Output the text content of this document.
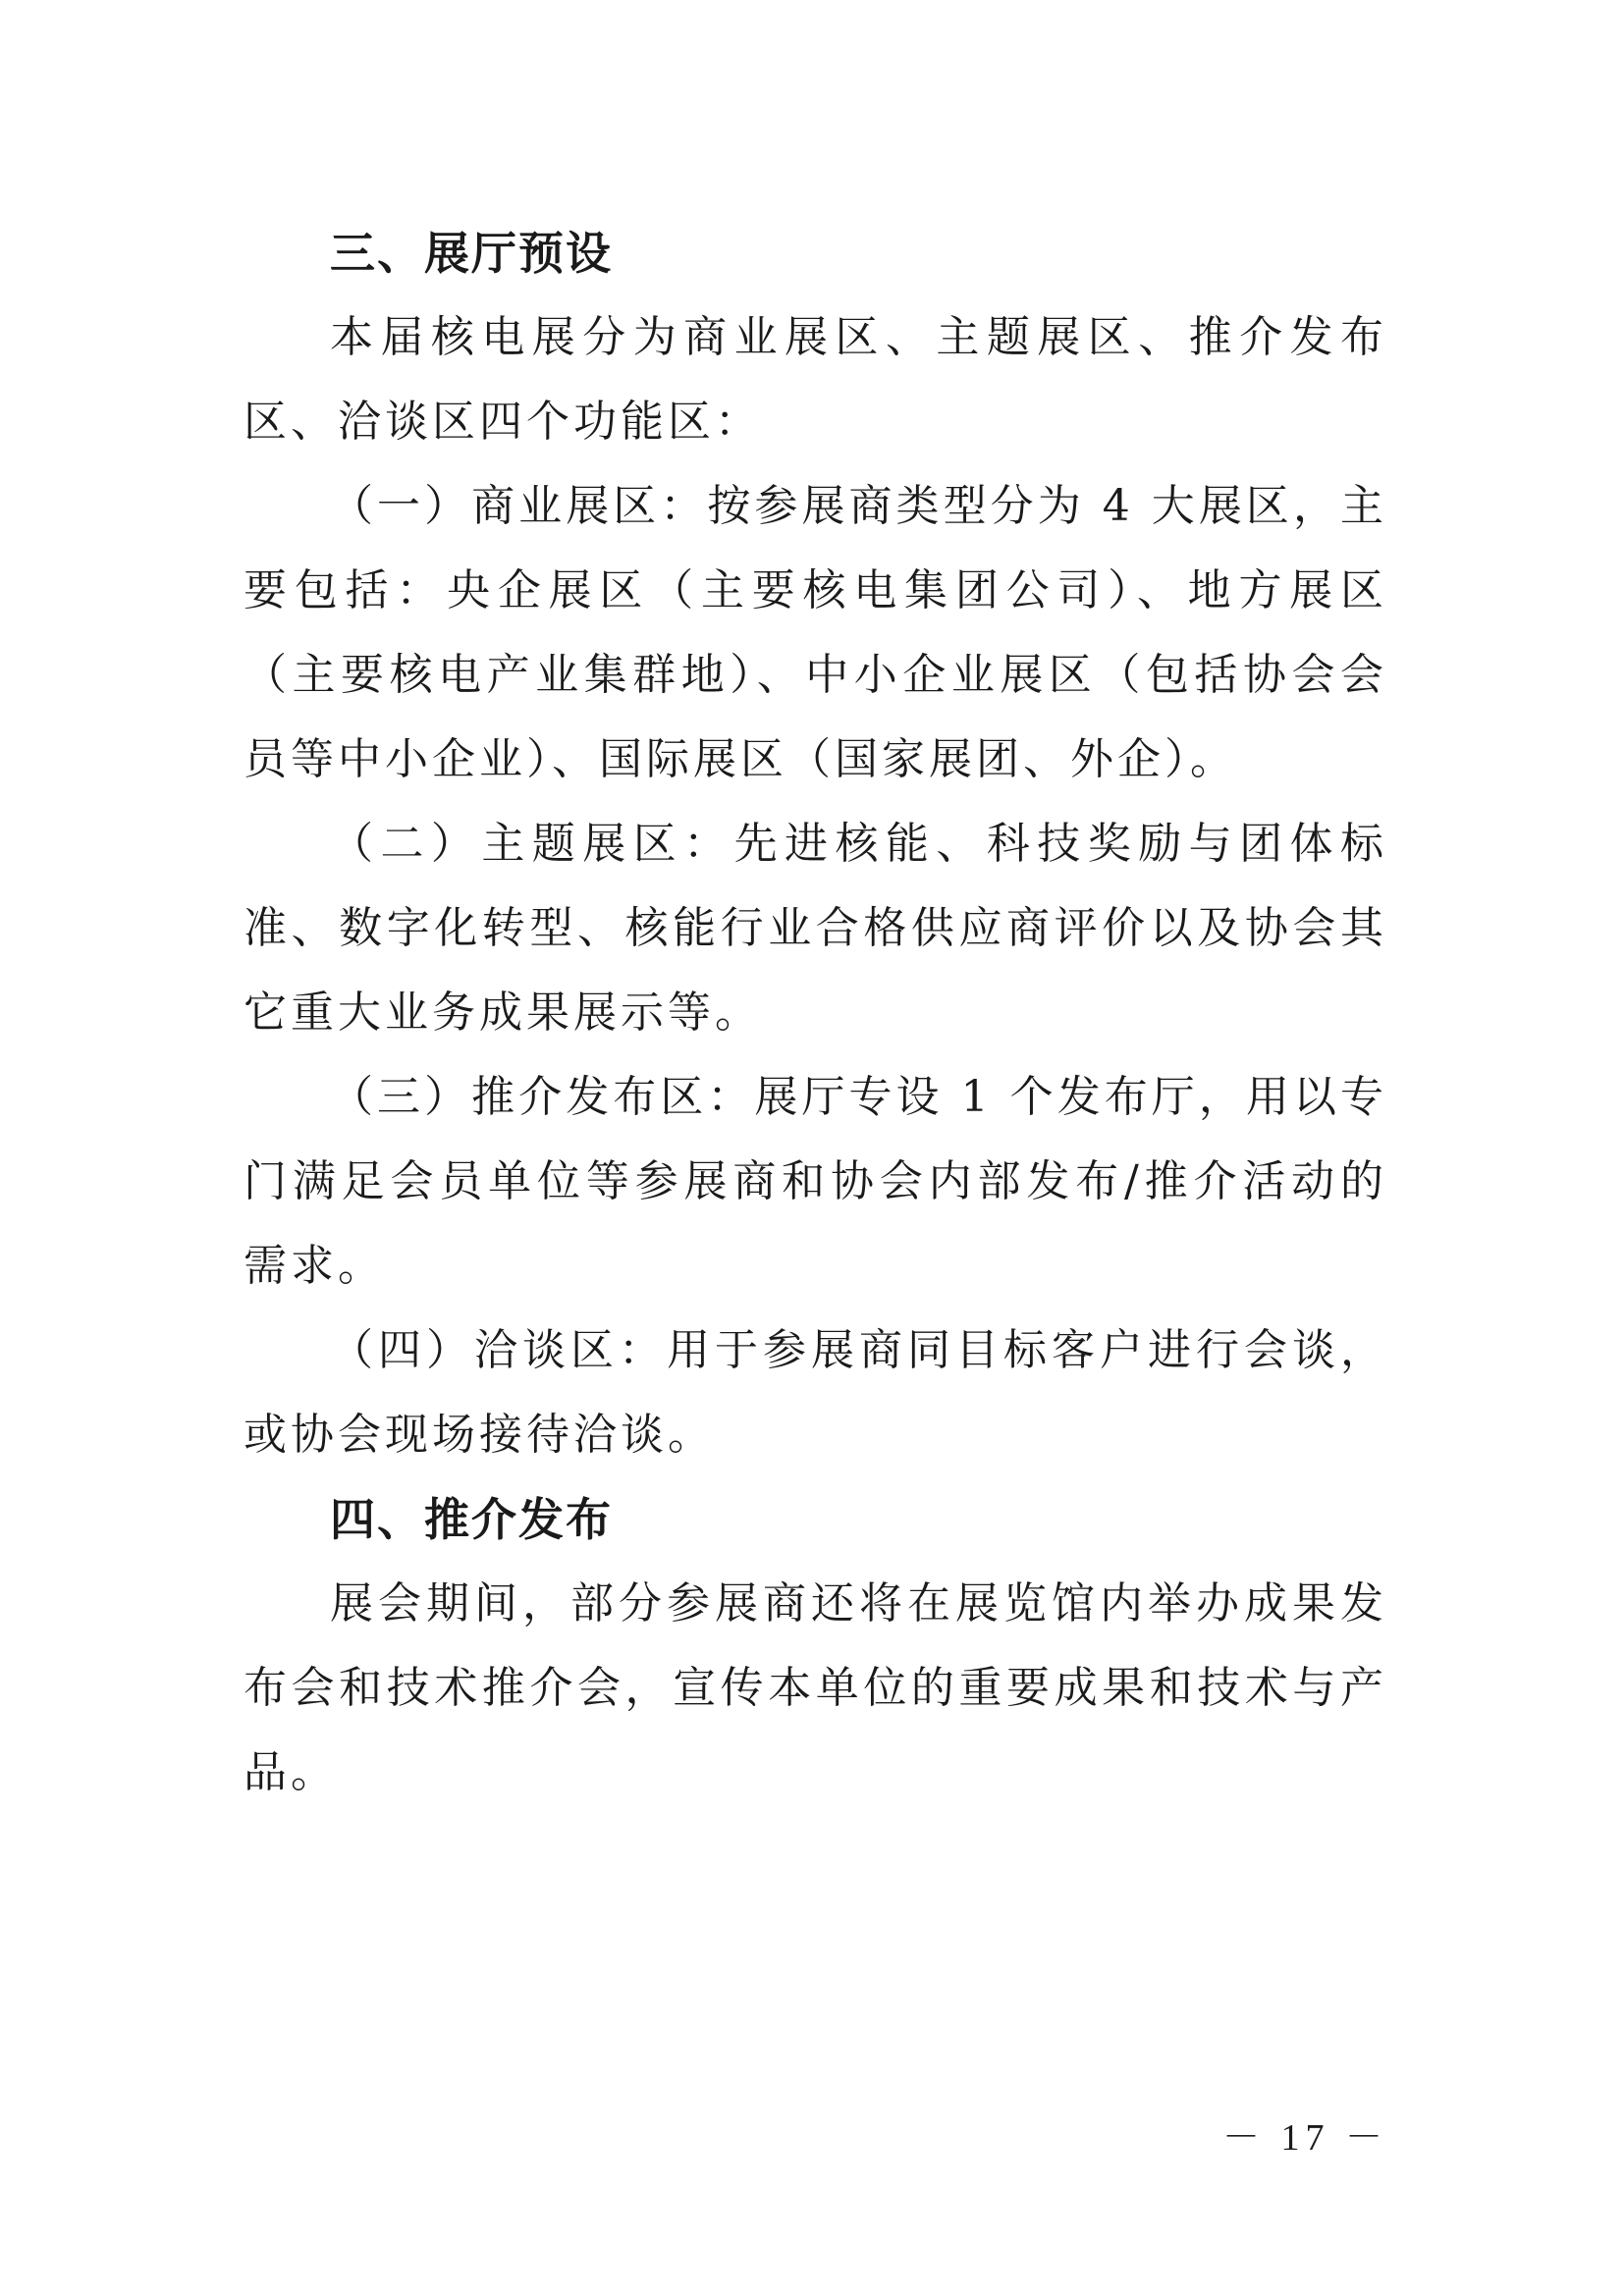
三、展厅预设

本届核电展分为商业展区、主题展区、推介发布区、洽谈区四个功能区：

（一）商业展区：按参展商类型分为 4 大展区，主要包括：央企展区（主要核电集团公司）、地方展区（主要核电产业集群地）、中小企业展区（包括协会会员等中小企业）、国际展区（国家展团、外企）。

（二）主题展区：先进核能、科技奖励与团体标准、数字化转型、核能行业合格供应商评价以及协会其它重大业务成果展示等。

（三）推介发布区：展厅专设 1 个发布厅，用以专门满足会员单位等参展商和协会内部发布/推介活动的需求。

（四）洽谈区：用于参展商同目标客户进行会谈，或协会现场接待洽谈。

四、推介发布

展会期间，部分参展商还将在展览馆内举办成果发布会和技术推介会，宣传本单位的重要成果和技术与产品。

－ 17 －
